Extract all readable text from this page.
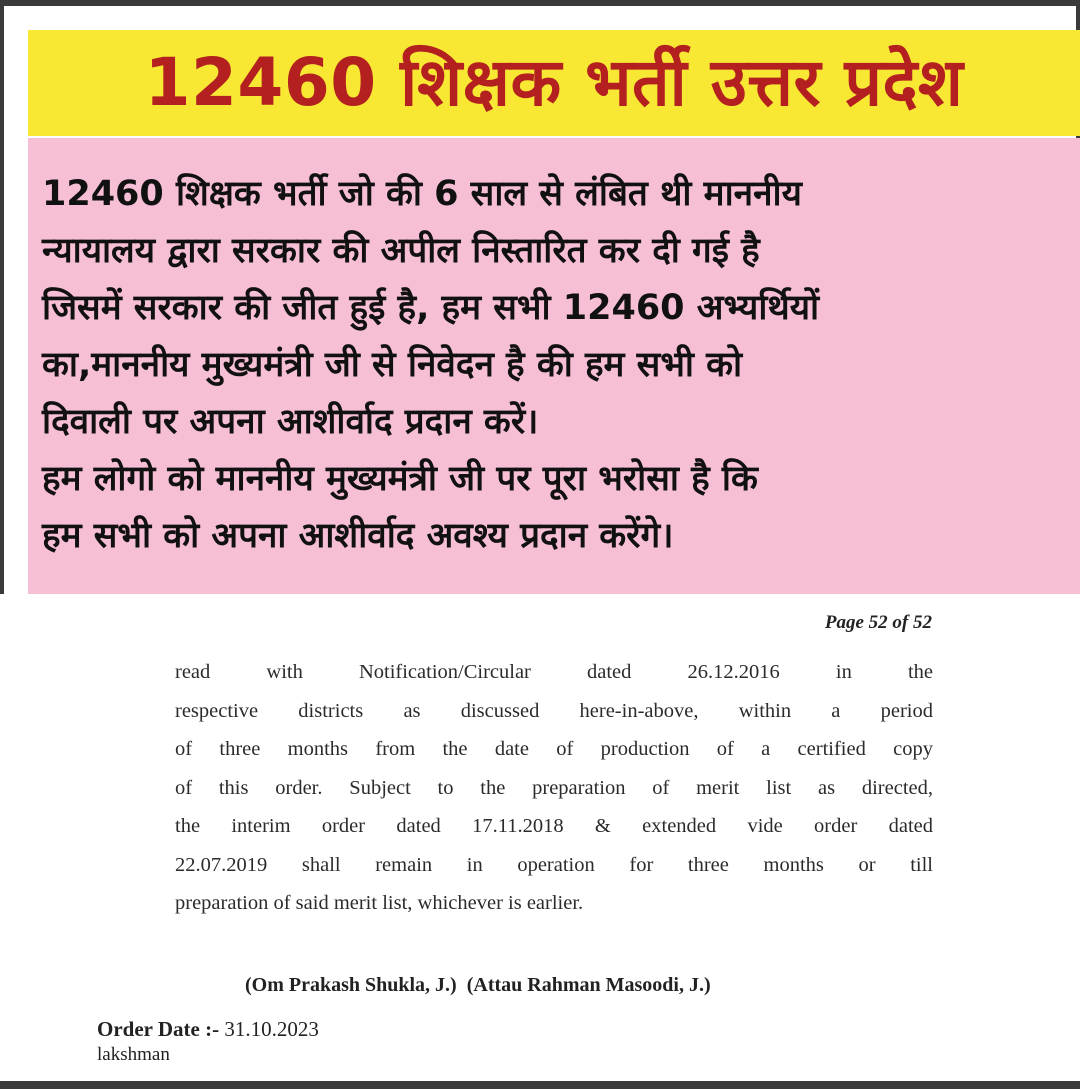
12460 शिक्षक भर्ती उत्तर प्रदेश
12460 शिक्षक भर्ती जो की 6 साल से लंबित थी माननीय
न्यायालय द्वारा सरकार की अपील निस्तारित कर दी गई है
जिसमें सरकार की जीत हुई है, हम सभी 12460 अभ्यर्थियों
का,माननीय मुख्यमंत्री जी से निवेदन है की हम सभी को
दिवाली पर अपना आशीर्वाद प्रदान करें।
हम लोगो को माननीय मुख्यमंत्री जी पर पूरा भरोसा है कि
हम सभी को अपना आशीर्वाद अवश्य प्रदान करेंगे।
Page 52 of 52
read with Notification/Circular dated 26.12.2016 in the
respective districts as discussed here-in-above, within a period
of three months from the date of production of a certified copy
of this order. Subject to the preparation of merit list as directed,
the interim order dated 17.11.2018 & extended vide order dated
22.07.2019 shall remain in operation for three months or till
preparation of said merit list, whichever is earlier.
(Om Prakash Shukla, J.)  (Attau Rahman Masoodi, J.)
Order Date :- 31.10.2023
lakshman
